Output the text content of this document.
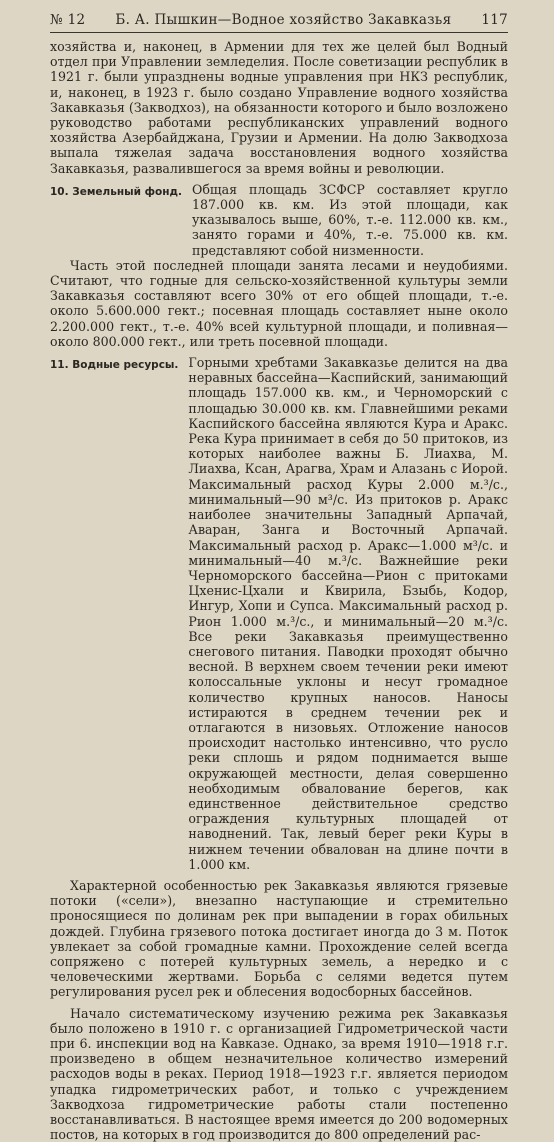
№ 12 Б. А. Пышкин—Водное хозяйство Закавказья 117

хозяйства и, наконец, в Армении для тех же целей был Водный отдел при Управлении земледелия. После советизации республик в 1921 г. были упразднены водные управления при НКЗ республик, и, наконец, в 1923 г. было создано Управление водного хозяйства Закавказья (Закводхоз), на обязанности которого и было возложено руководство работами республиканских управлений водного хозяйства Азербайджана, Грузии и Армении. На долю Закводхоза выпала тяжелая задача восстановления водного хозяйства Закавказья, развалившегося за время войны и революции.

10. Земельный фонд. Общая площадь ЗСФСР составляет кругло 187.000 кв. км. Из этой площади, как указывалось выше, 60%, т.-е. 112.000 кв. км., занято горами и 40%, т.-е. 75.000 кв. км. представляют собой низменности.

Часть этой последней площади занята лесами и неудобиями. Считают, что годные для сельско-хозяйственной культуры земли Закавказья составляют всего 30% от его общей площади, т.-е. около 5.600.000 гект.; посевная площадь составляет ныне около 2.200.000 гект., т.-е. 40% всей культурной площади, и поливная—около 800.000 гект., или треть посевной площади.

11. Водные ресурсы. Горными хребтами Закавказье делится на два неравных бассейна—Каспийский, занимающий площадь 157.000 кв. км., и Черноморский с площадью 30.000 кв. км. Главнейшими реками Каспийского бассейна являются Кура и Аракс. Река Кура принимает в себя до 50 притоков, из которых наиболее важны Б. Лиахва, М. Лиахва, Ксан, Арагва, Храм и Алазань с Иорой. Максимальный расход Куры 2.000 м.³/с., минимальный—90 м³/с. Из притоков р. Аракс наиболее значительны Западный Арпачай, Аваран, Занга и Восточный Арпачай. Максимальный расход р. Аракс—1.000 м³/с. и минимальный—40 м.³/с. Важнейшие реки Черноморского бассейна—Рион с притоками Цхенис-Цхали и Квирила, Бзыбь, Кодор, Ингур, Хопи и Супса. Максимальный расход р. Рион 1.000 м.³/с., и минимальный—20 м.³/с. Все реки Закавказья преимущественно снегового питания. Паводки проходят обычно весной. В верхнем своем течении реки имеют колоссальные уклоны и несут громадное количество крупных наносов. Наносы истираются в среднем течении рек и отлагаются в низовьях. Отложение наносов происходит настолько интенсивно, что русло реки сплошь и рядом поднимается выше окружающей местности, делая совершенно необходимым обвалование берегов, как единственное действительное средство ограждения культурных площадей от наводнений. Так, левый берег реки Куры в нижнем течении обвалован на длине почти в 1.000 км.

Характерной особенностью рек Закавказья являются грязевые потоки («сели»), внезапно наступающие и стремительно проносящиеся по долинам рек при выпадении в горах обильных дождей. Глубина грязевого потока достигает иногда до 3 м. Поток увлекает за собой громадные камни. Прохождение селей всегда сопряжено с потерей культурных земель, а нередко и с человеческими жертвами. Борьба с селями ведется путем регулирования русел рек и облесения водосборных бассейнов.

Начало систематическому изучению режима рек Закавказья было положено в 1910 г. с организацией Гидрометрической части при 6. инспекции вод на Кавказе. Однако, за время 1910—1918 г.г. произведено в общем незначительное количество измерений расходов воды в реках. Период 1918—1923 г.г. является периодом упадка гидрометрических работ, и только с учреждением Закводхоза гидрометрические работы стали постепенно восстанавливаться. В настоящее время имеется до 200 водомерных постов, на которых в год производится до 800 определений рас-
